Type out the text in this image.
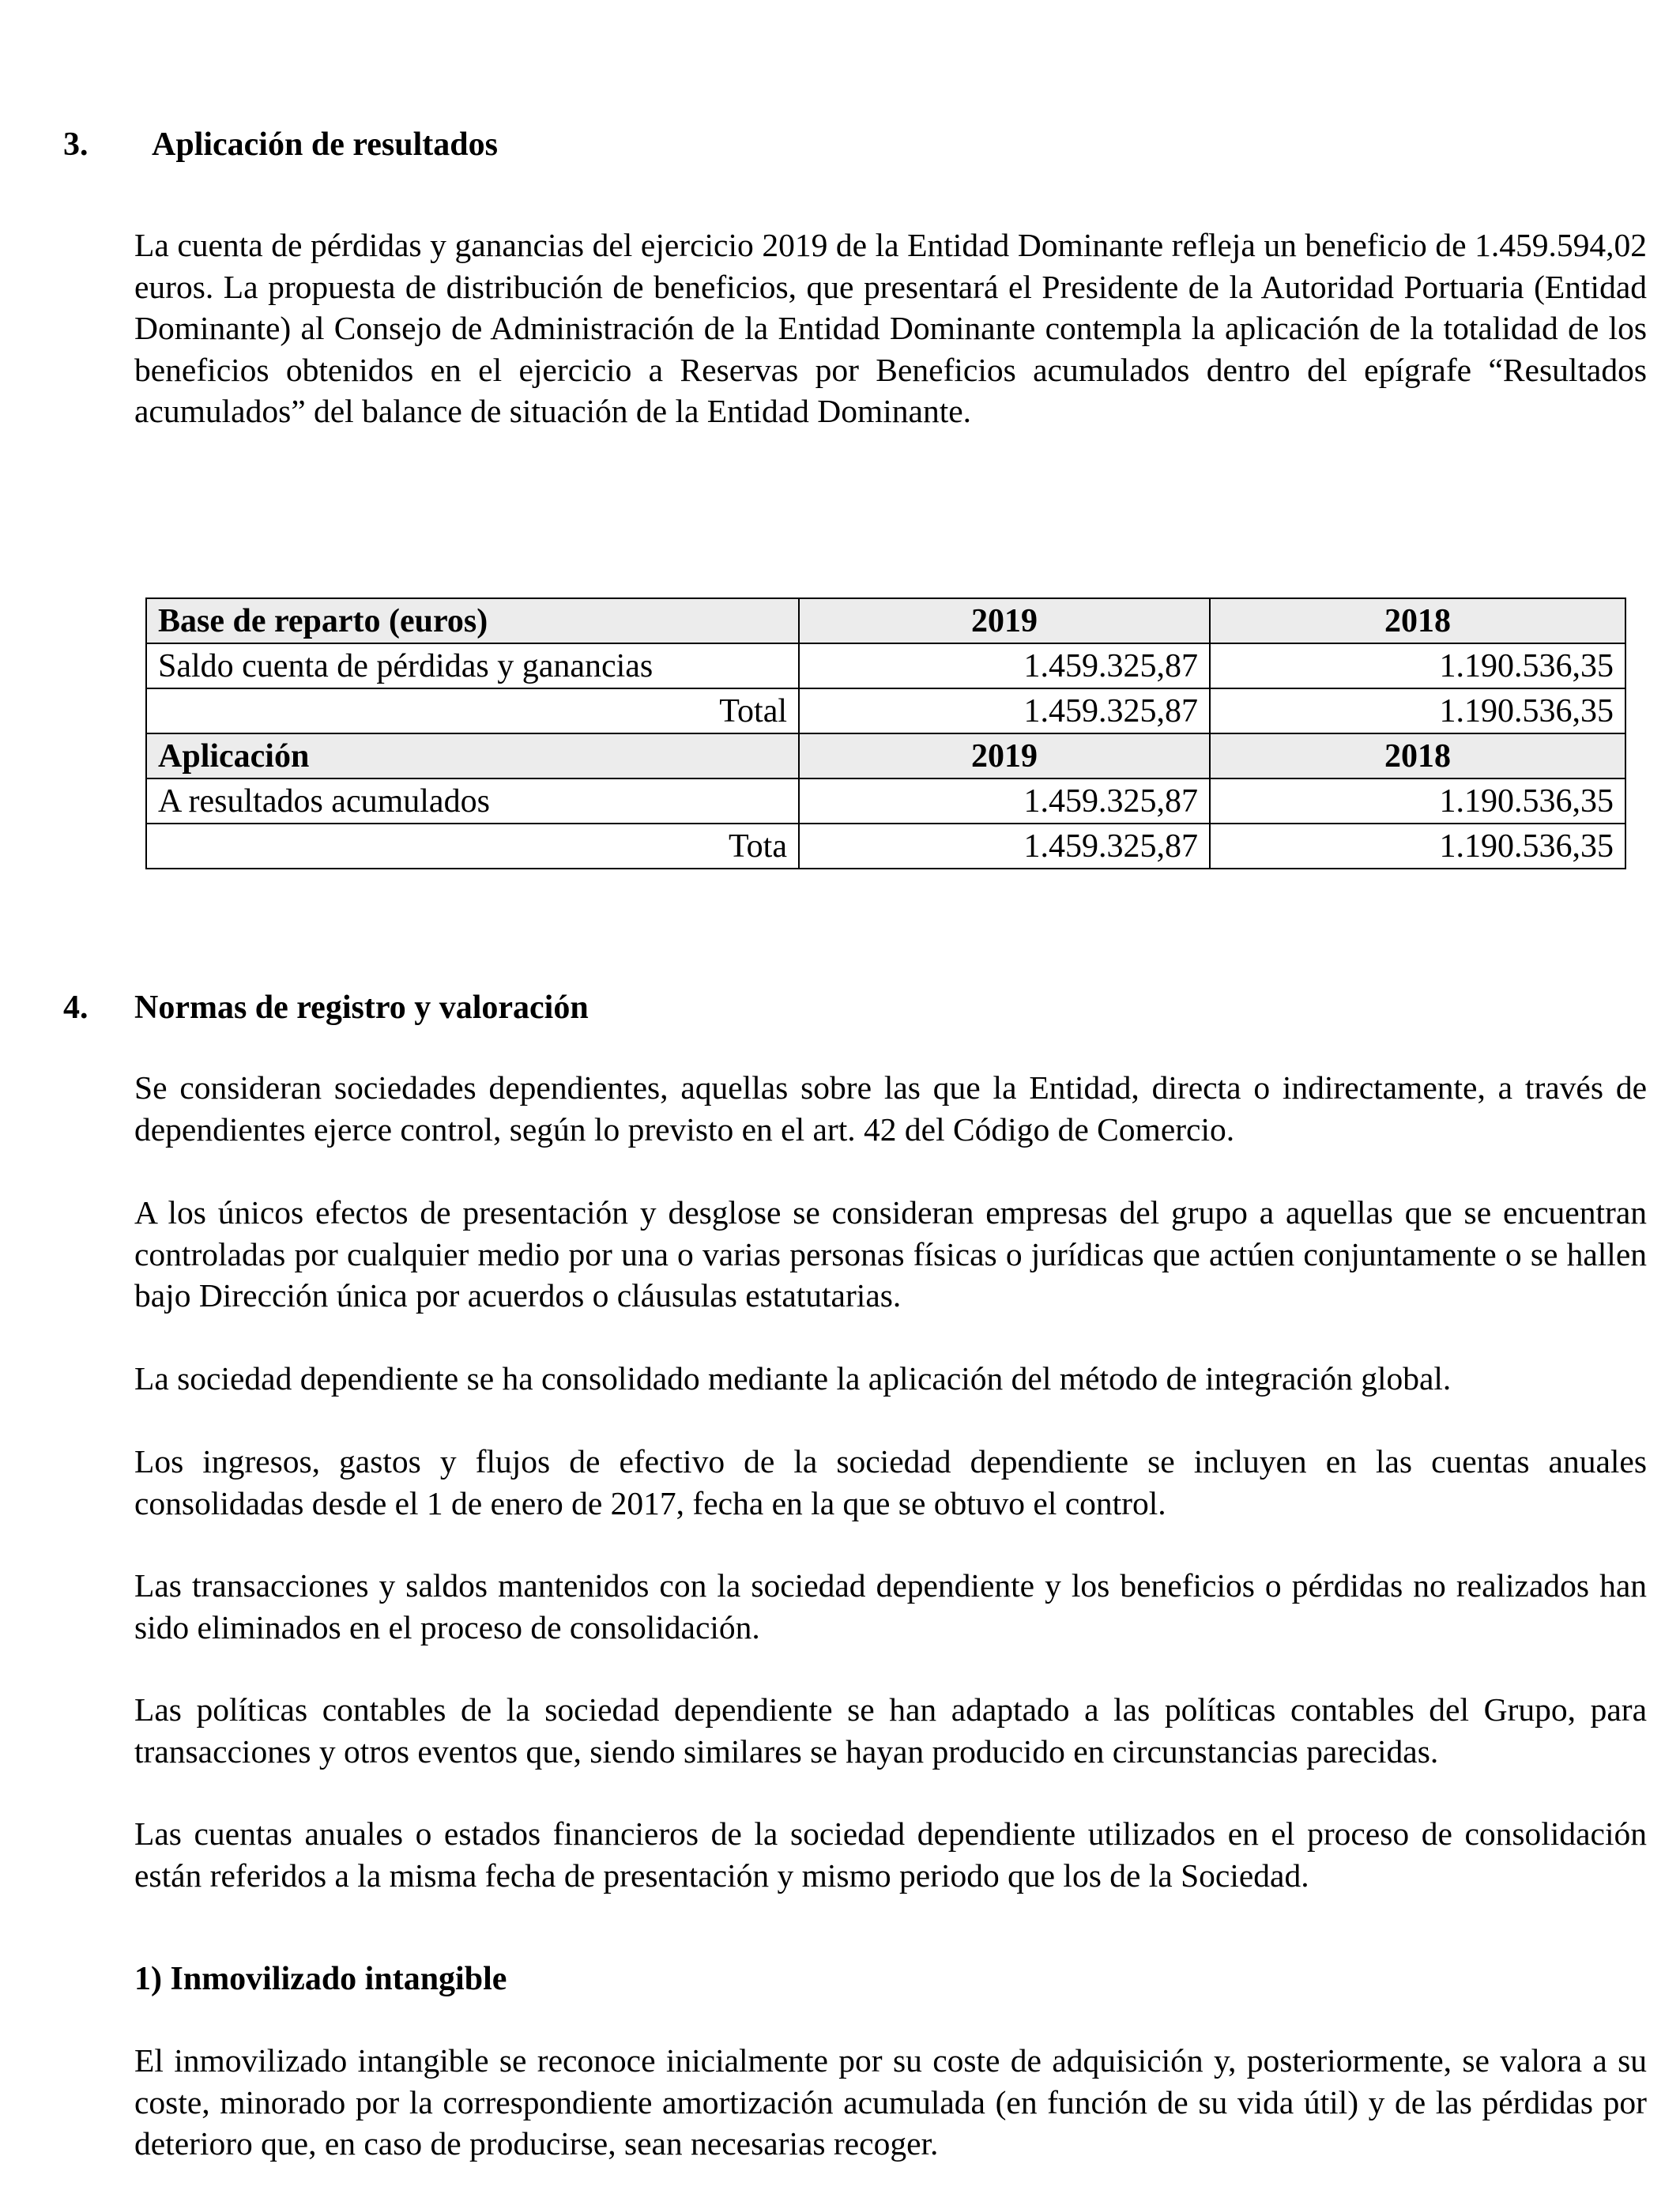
3. Aplicación de resultados

La cuenta de pérdidas y ganancias del ejercicio 2019 de la Entidad Dominante refleja un beneficio de 1.459.594,02 euros. La propuesta de distribución de beneficios, que presentará el Presidente de la Autoridad Portuaria (Entidad Dominante) al Consejo de Administración de la Entidad Dominante contempla la aplicación de la totalidad de los beneficios obtenidos en el ejercicio a Reservas por Beneficios acumulados dentro del epígrafe “Resultados acumulados” del balance de situación de la Entidad Dominante.

Base de reparto (euros)	2019	2018
Saldo cuenta de pérdidas y ganancias	1.459.325,87	1.190.536,35
Total	1.459.325,87	1.190.536,35
Aplicación	2019	2018
A resultados acumulados	1.459.325,87	1.190.536,35
Tota	1.459.325,87	1.190.536,35
4. Normas de registro y valoración

Se consideran sociedades dependientes, aquellas sobre las que la Entidad, directa o indirectamente, a través de dependientes ejerce control, según lo previsto en el art. 42 del Código de Comercio.

A los únicos efectos de presentación y desglose se consideran empresas del grupo a aquellas que se encuentran controladas por cualquier medio por una o varias personas físicas o jurídicas que actúen conjuntamente o se hallen bajo Dirección única por acuerdos o cláusulas estatutarias.

La sociedad dependiente se ha consolidado mediante la aplicación del método de integración global.

Los ingresos, gastos y flujos de efectivo de la sociedad dependiente se incluyen en las cuentas anuales consolidadas desde el 1 de enero de 2017, fecha en la que se obtuvo el control.

Las transacciones y saldos mantenidos con la sociedad dependiente y los beneficios o pérdidas no realizados han sido eliminados en el proceso de consolidación.

Las políticas contables de la sociedad dependiente se han adaptado a las políticas contables del Grupo, para transacciones y otros eventos que, siendo similares se hayan producido en circunstancias parecidas.

Las cuentas anuales o estados financieros de la sociedad dependiente utilizados en el proceso de consolidación están referidos a la misma fecha de presentación y mismo periodo que los de la Sociedad.

1) Inmovilizado intangible

El inmovilizado intangible se reconoce inicialmente por su coste de adquisición y, posteriormente, se valora a su coste, minorado por la correspondiente amortización acumulada (en función de su vida útil) y de las pérdidas por deterioro que, en caso de producirse, sean necesarias recoger.
